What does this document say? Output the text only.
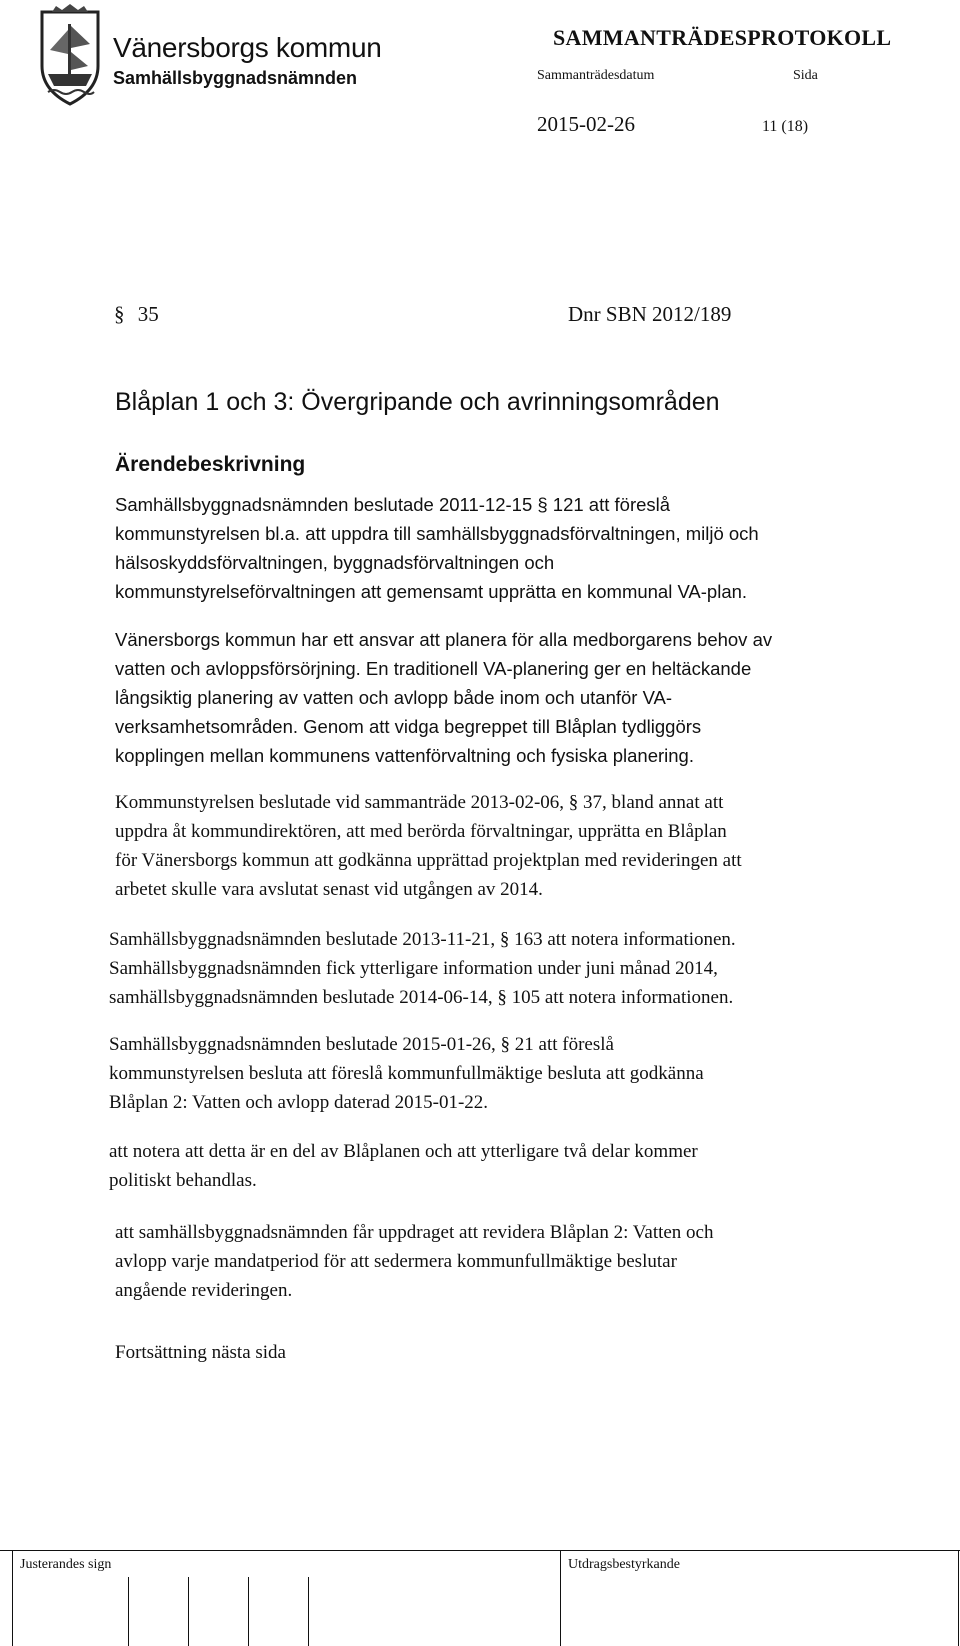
Vänersborgs kommun
Samhällsbyggnadsnämnden
SAMMANTRÄDESPROTOKOLL
Sammanträdesdatum	Sida
2015-02-26	11 (18)
§ 35	Dnr SBN 2012/189
Blåplan 1 och 3: Övergripande och avrinningsområden
Ärendebeskrivning
Samhällsbyggnadsnämnden beslutade 2011-12-15 § 121 att föreslå
kommunstyrelsen bl.a. att uppdra till samhällsbyggnadsförvaltningen, miljö och
hälsoskyddsförvaltningen, byggnadsförvaltningen och
kommunstyrelseförvaltningen att gemensamt upprätta en kommunal VA-plan.
Vänersborgs kommun har ett ansvar att planera för alla medborgarens behov av
vatten och avloppsförsörjning. En traditionell VA-planering ger en heltäckande
långsiktig planering av vatten och avlopp både inom och utanför VA-
verksamhetsområden. Genom att vidga begreppet till Blåplan tydliggörs
kopplingen mellan kommunens vattenförvaltning och fysiska planering.
Kommunstyrelsen beslutade vid sammanträde 2013-02-06, § 37, bland annat att
uppdra åt kommundirektören, att med berörda förvaltningar, upprätta en Blåplan
för Vänersborgs kommun att godkänna upprättad projektplan med revideringen att
arbetet skulle vara avslutat senast vid utgången av 2014.
Samhällsbyggnadsnämnden beslutade 2013-11-21, § 163 att notera informationen.
Samhällsbyggnadsnämnden fick ytterligare information under juni månad 2014,
samhällsbyggnadsnämnden beslutade 2014-06-14, § 105 att notera informationen.
Samhällsbyggnadsnämnden beslutade 2015-01-26, § 21 att föreslå
kommunstyrelsen besluta att föreslå kommunfullmäktige besluta att godkänna
Blåplan 2: Vatten och avlopp daterad 2015-01-22.
att notera att detta är en del av Blåplanen och att ytterligare två delar kommer
politiskt behandlas.
att samhällsbyggnadsnämnden får uppdraget att revidera Blåplan 2: Vatten och
avlopp varje mandatperiod för att sedermera kommunfullmäktige beslutar
angående revideringen.
Fortsättning nästa sida
Justerandes sign	Utdragsbestyrkande
